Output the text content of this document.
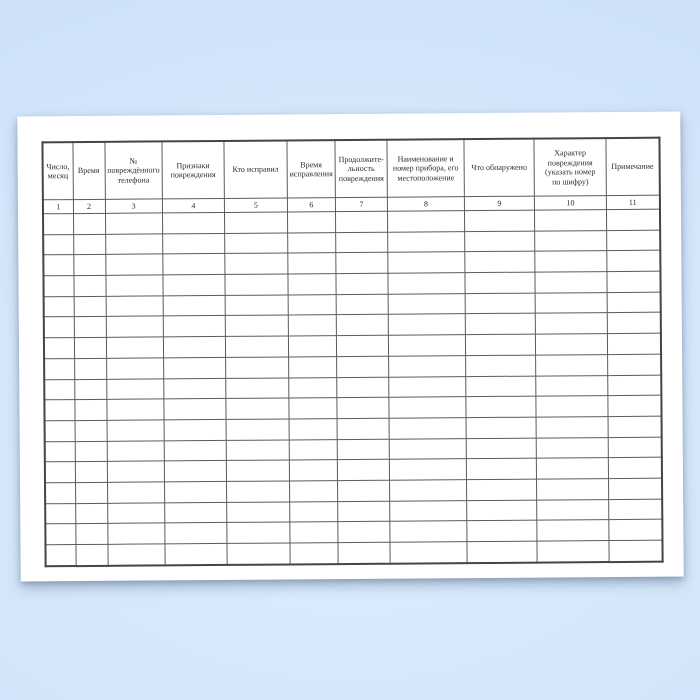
Число,
месяц	Время	№
повреждённого
телефона	Признаки
повреждения	Кто исправил	Время
исправления	Продолжите-
льность
повреждения	Наименование и
номер прибора, его
местоположение	Что обнаружено	Характер
повреждения
(указать номер
по шифру)	Примечание
1	2	3	4	5	6	7	8	9	10	11
